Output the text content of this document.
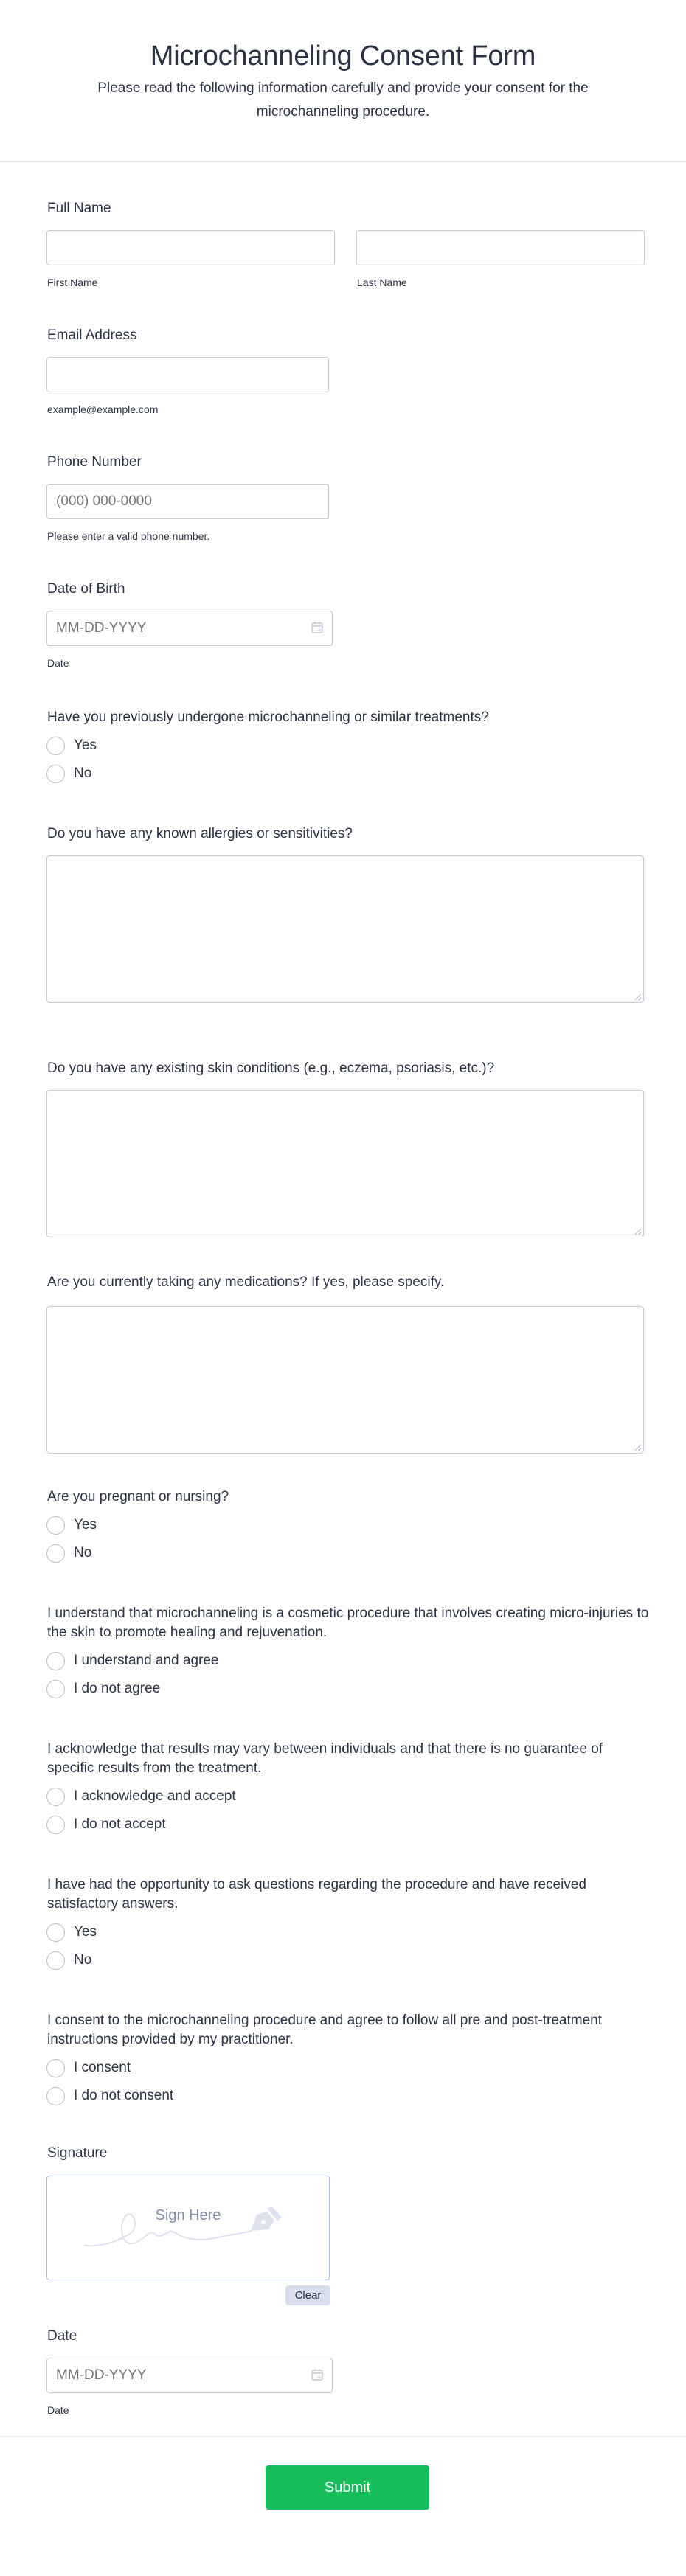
Microchanneling Consent Form

Please read the following information carefully and provide your consent for the microchanneling procedure.

Full Name
First Name	Last Name
Email Address
example@example.com
Phone Number
(000) 000-0000
Please enter a valid phone number.
Date of Birth
MM-DD-YYYY
Date
Have you previously undergone microchanneling or similar treatments?
Yes
No
Do you have any known allergies or sensitivities?
Do you have any existing skin conditions (e.g., eczema, psoriasis, etc.)?
Are you currently taking any medications? If yes, please specify.
Are you pregnant or nursing?
Yes
No
I understand that microchanneling is a cosmetic procedure that involves creating micro-injuries to the skin to promote healing and rejuvenation.
I understand and agree
I do not agree
I acknowledge that results may vary between individuals and that there is no guarantee of specific results from the treatment.
I acknowledge and accept
I do not accept
I have had the opportunity to ask questions regarding the procedure and have received satisfactory answers.
Yes
No
I consent to the microchanneling procedure and agree to follow all pre and post-treatment instructions provided by my practitioner.
I consent
I do not consent
Signature
Sign Here
Clear
Date
MM-DD-YYYY
Date
Submit
